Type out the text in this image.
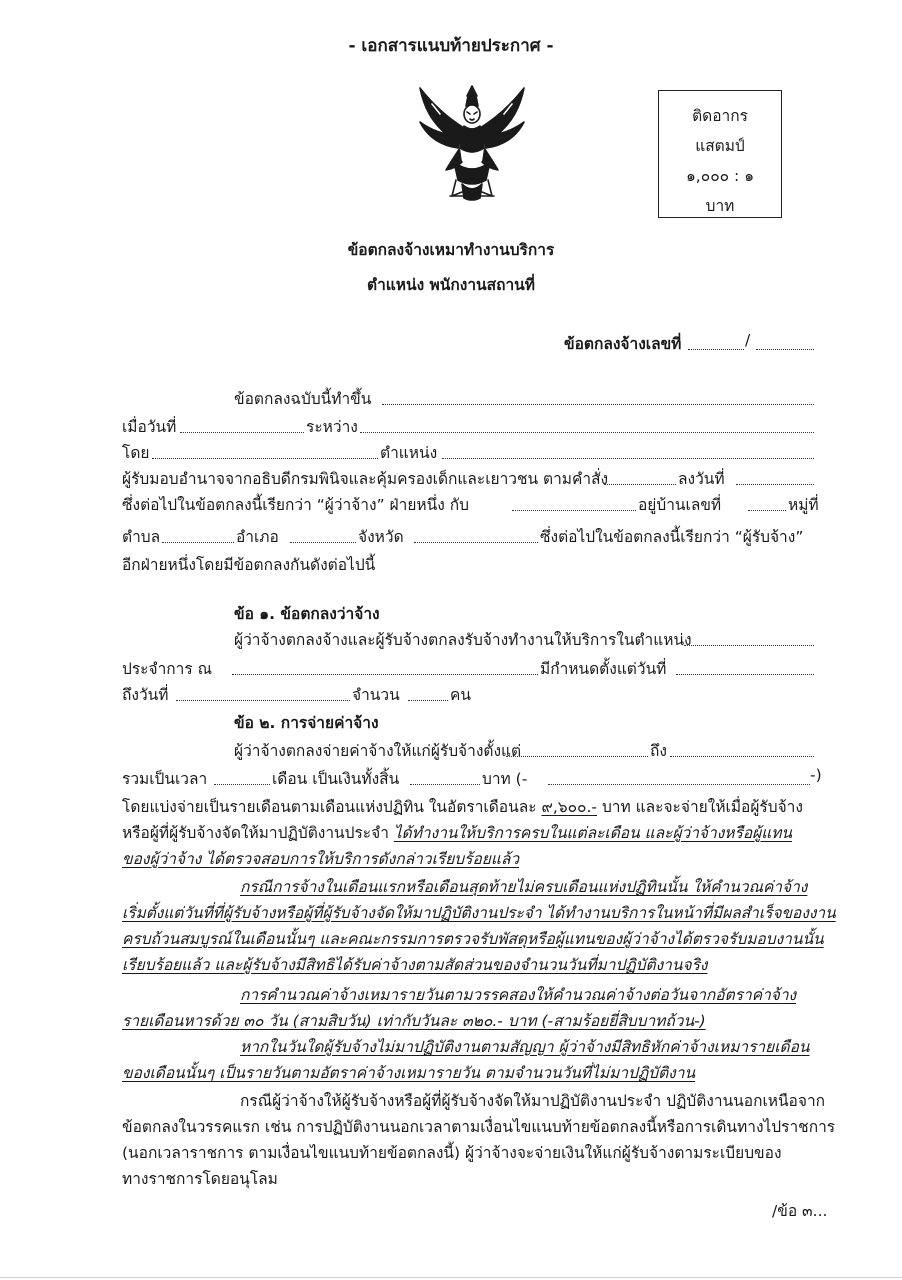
- เอกสารแนบท้ายประกาศ -
ติดอากร
แสตมป์
๑,๐๐๐ : ๑
บาท
ข้อตกลงจ้างเหมาทำงานบริการ
ตำแหน่ง พนักงานสถานที่
ข้อตกลงจ้างเลขที่	/
ข้อตกลงฉบับนี้ทำขึ้น
เมื่อวันที่	ระหว่าง
โดย	ตำแหน่ง
ผู้รับมอบอำนาจจากอธิบดีกรมพินิจและคุ้มครองเด็กและเยาวชน ตามคำสั่ง	ลงวันที่
ซึ่งต่อไปในข้อตกลงนี้เรียกว่า “ผู้ว่าจ้าง” ฝ่ายหนึ่ง กับ	อยู่บ้านเลขที่	หมู่ที่
ตำบล	อำเภอ	จังหวัด	ซึ่งต่อไปในข้อตกลงนี้เรียกว่า “ผู้รับจ้าง”
อีกฝ่ายหนึ่งโดยมีข้อตกลงกันดังต่อไปนี้
ข้อ ๑. ข้อตกลงว่าจ้าง
ผู้ว่าจ้างตกลงจ้างและผู้รับจ้างตกลงรับจ้างทำงานให้บริการในตำแหน่ง
ประจำการ ณ	มีกำหนดตั้งแต่วันที่
ถึงวันที่	จำนวน	คน
ข้อ ๒. การจ่ายค่าจ้าง
ผู้ว่าจ้างตกลงจ่ายค่าจ้างให้แก่ผู้รับจ้างตั้งแต่	ถึง
รวมเป็นเวลา	เดือน เป็นเงินทั้งสิ้น	บาท (-	-)
โดยแบ่งจ่ายเป็นรายเดือนตามเดือนแห่งปฏิทิน ในอัตราเดือนละ ๙,๖๐๐.- บาท และจะจ่ายให้เมื่อผู้รับจ้าง
หรือผู้ที่ผู้รับจ้างจัดให้มาปฏิบัติงานประจำ ได้ทำงานให้บริการครบในแต่ละเดือน และผู้ว่าจ้างหรือผู้แทน
ของผู้ว่าจ้าง ได้ตรวจสอบการให้บริการดังกล่าวเรียบร้อยแล้ว
กรณีการจ้างในเดือนแรกหรือเดือนสุดท้ายไม่ครบเดือนแห่งปฏิทินนั้น ให้คำนวณค่าจ้าง
เริ่มตั้งแต่วันที่ที่ผู้รับจ้างหรือผู้ที่ผู้รับจ้างจัดให้มาปฏิบัติงานประจำ ได้ทำงานบริการในหน้าที่มีผลสำเร็จของงาน
ครบถ้วนสมบูรณ์ในเดือนนั้นๆ และคณะกรรมการตรวจรับพัสดุหรือผู้แทนของผู้ว่าจ้างได้ตรวจรับมอบงานนั้น
เรียบร้อยแล้ว และผู้รับจ้างมีสิทธิได้รับค่าจ้างตามสัดส่วนของจำนวนวันที่มาปฏิบัติงานจริง
การคำนวณค่าจ้างเหมารายวันตามวรรคสองให้คำนวณค่าจ้างต่อวันจากอัตราค่าจ้าง
รายเดือนหารด้วย ๓๐ วัน (สามสิบวัน) เท่ากับวันละ ๓๒๐.- บาท (-สามร้อยยี่สิบบาทถ้วน-)
หากในวันใดผู้รับจ้างไม่มาปฏิบัติงานตามสัญญา ผู้ว่าจ้างมีสิทธิหักค่าจ้างเหมารายเดือน
ของเดือนนั้นๆ เป็นรายวันตามอัตราค่าจ้างเหมารายวัน ตามจำนวนวันที่ไม่มาปฏิบัติงาน
กรณีผู้ว่าจ้างให้ผู้รับจ้างหรือผู้ที่ผู้รับจ้างจัดให้มาปฏิบัติงานประจำ ปฏิบัติงานนอกเหนือจาก
ข้อตกลงในวรรคแรก เช่น การปฏิบัติงานนอกเวลาตามเงื่อนไขแนบท้ายข้อตกลงนี้หรือการเดินทางไปราชการ
(นอกเวลาราชการ ตามเงื่อนไขแนบท้ายข้อตกลงนี้) ผู้ว่าจ้างจะจ่ายเงินให้แก่ผู้รับจ้างตามระเบียบของ
ทางราชการโดยอนุโลม
/ข้อ ๓...
